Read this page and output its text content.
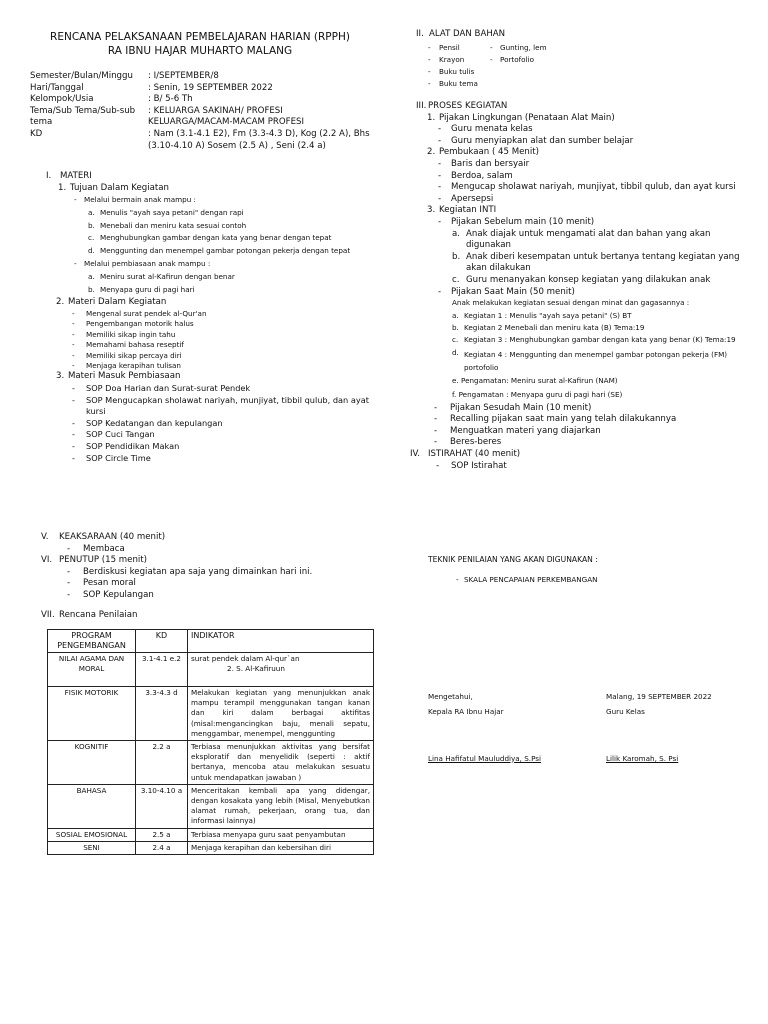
RENCANA PELAKSANAAN PEMBELAJARAN HARIAN (RPPH)
RA IBNU HAJAR MUHARTO MALANG
Semester/Bulan/Minggu	: I/SEPTEMBER/8
Hari/Tanggal	: Senin, 19 SEPTEMBER 2022
Kelompok/Usia	: B/ 5-6 Th
Tema/Sub Tema/Sub-sub tema
: KELUARGA SAKINAH/ PROFESI KELUARGA/MACAM-MACAM PROFESI
KD	: Nam (3.1-4.1 E2), Fm (3.3-4.3 D), Kog (2.2 A), Bhs (3.10-4.10 A) Sosem (2.5 A) , Seni (2.4 a)
I.	MATERI
1. Tujuan Dalam Kegiatan
-	Melalui bermain anak mampu :
a. Menulis "ayah saya petani" dengan rapi
b. Menebali dan meniru kata sesuai contoh
c. Menghubungkan gambar dengan kata yang benar dengan tepat
d. Menggunting dan menempel gambar potongan pekerja dengan tepat
-	Melalui pembiasaan anak mampu :
a. Meniru surat al-Kafirun dengan benar
b. Menyapa guru di pagi hari
2. Materi Dalam Kegiatan
-	Mengenal surat pendek al-Qur'an
-	Pengembangan motorik halus
-	Memiliki sikap ingin tahu
-	Memahami bahasa reseptif
-	Memiliki sikap percaya diri
-	Menjaga kerapihan tulisan
3. Materi Masuk Pembiasaan
-	SOP Doa Harian dan Surat-surat Pendek
-	SOP Mengucapkan sholawat nariyah, munjiyat, tibbil qulub, dan ayat kursi
-	SOP Kedatangan dan kepulangan
-	SOP Cuci Tangan
-	SOP Pendidikan Makan
-	SOP Circle Time
II. ALAT DAN BAHAN
-	Pensil
-	Krayon
-	Buku tulis
-	Buku tema
-	Gunting, lem
-	Portofolio
III. PROSES KEGIATAN
1. Pijakan Lingkungan (Penataan Alat Main)
-	Guru menata kelas
-	Guru menyiapkan alat dan sumber belajar
2. Pembukaan ( 45 Menit)
-	Baris dan bersyair
-	Berdoa, salam
-	Mengucap sholawat nariyah, munjiyat, tibbil qulub, dan ayat kursi
-	Apersepsi
3. Kegiatan INTI
-	Pijakan Sebelum main (10 menit)
a. Anak diajak untuk mengamati alat dan bahan yang akan digunakan
b. Anak diberi kesempatan untuk bertanya tentang kegiatan yang akan dilakukan
c. Guru menanyakan konsep kegiatan yang dilakukan anak
-	Pijakan Saat Main (50 menit)
Anak melakukan kegiatan sesuai dengan minat dan gagasannya :
a. Kegiatan 1 : Menulis "ayah saya petani" (S) BT
b. Kegiatan 2 Menebali dan meniru kata (B) Tema:19
c. Kegiatan 3 : Menghubungkan gambar dengan kata yang benar (K) Tema:19
d. Kegiatan 4 : Menggunting dan menempel gambar potongan pekerja (FM) portofolio
e. Pengamatan: Meniru surat al-Kafirun (NAM)
f. Pengamatan : Menyapa guru di pagi hari (SE)
-	Pijakan Sesudah Main (10 menit)
-	Recalling pijakan saat main yang telah dilakukannya
-	Menguatkan materi yang diajarkan
-	Beres-beres
IV. ISTIRAHAT (40 menit)
-	SOP Istirahat
V.	KEAKSARAAN (40 menit)
-	Membaca
VI. PENUTUP (15 menit)
-	Berdiskusi kegiatan apa saja yang dimainkan hari ini.
-	Pesan moral
-	SOP Kepulangan
VII. Rencana Penilaian
PROGRAM PENGEMBANGAN	KD	INDIKATOR
NILAI AGAMA DAN MORAL	3.1-4.1 e.2	surat pendek dalam Al-qur`an
2. S. Al-Kafiruun

FISIK MOTORIK	3.3-4.3 d	Melakukan kegiatan yang menunjukkan anak mampu terampil menggunakan tangan kanan dan kiri dalam berbagai aktifitas (misal:mengancingkan baju, menali sepatu, menggambar, menempel, menggunting
KOGNITIF	2.2 a	Terbiasa menunjukkan aktivitas yang bersifat eksploratif dan menyelidik (seperti : aktif bertanya, mencoba atau melakukan sesuatu untuk mendapatkan jawaban )
BAHASA	3.10-4.10 a	Menceritakan kembali apa yang didengar, dengan kosakata yang lebih (Misal, Menyebutkan alamat rumah, pekerjaan, orang tua, dan informasi lainnya)
SOSIAL EMOSIONAL	2.5 a	Terbiasa menyapa guru saat penyambutan
SENI	2.4 a	Menjaga kerapihan dan kebersihan diri
TEKNIK PENILAIAN YANG AKAN DIGUNAKAN :
- SKALA PENCAPAIAN PERKEMBANGAN
Mengetahui,
Kepala RA Ibnu Hajar
Lina Hafifatul Mauluddiya, S.Psi
Malang, 19 SEPTEMBER 2022
Guru Kelas
Lilik Karomah, S. Psi
